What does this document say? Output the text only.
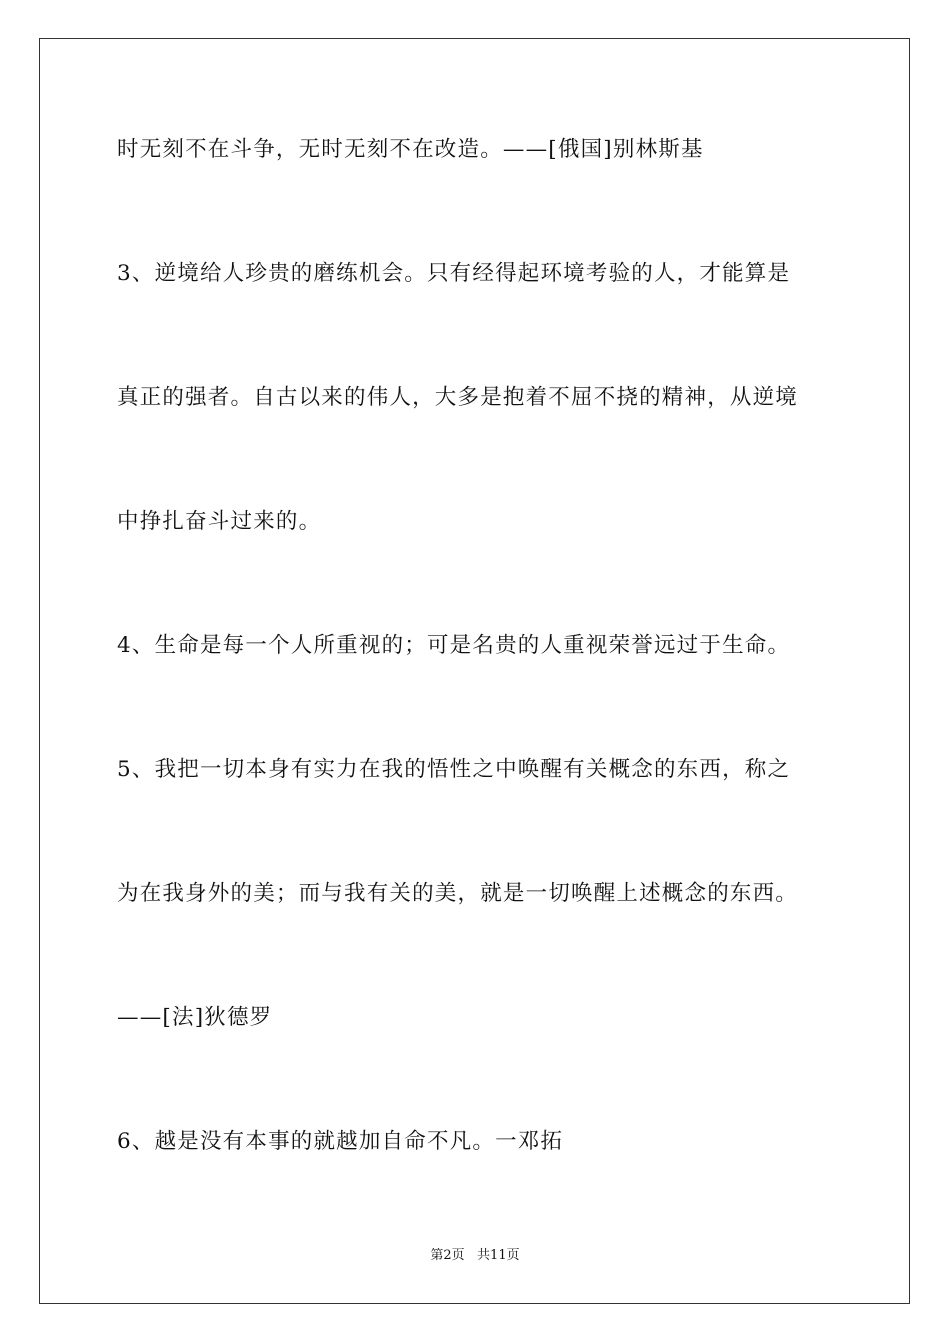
时无刻不在斗争，无时无刻不在改造。——[俄国]别林斯基
3、逆境给人珍贵的磨练机会。只有经得起环境考验的人，才能算是
真正的强者。自古以来的伟人，大多是抱着不屈不挠的精神，从逆境
中挣扎奋斗过来的。
4、生命是每一个人所重视的；可是名贵的人重视荣誉远过于生命。
5、我把一切本身有实力在我的悟性之中唤醒有关概念的东西，称之
为在我身外的美；而与我有关的美，就是一切唤醒上述概念的东西。
——[法]狄德罗
6、越是没有本事的就越加自命不凡。一邓拓
第2页   共11页
